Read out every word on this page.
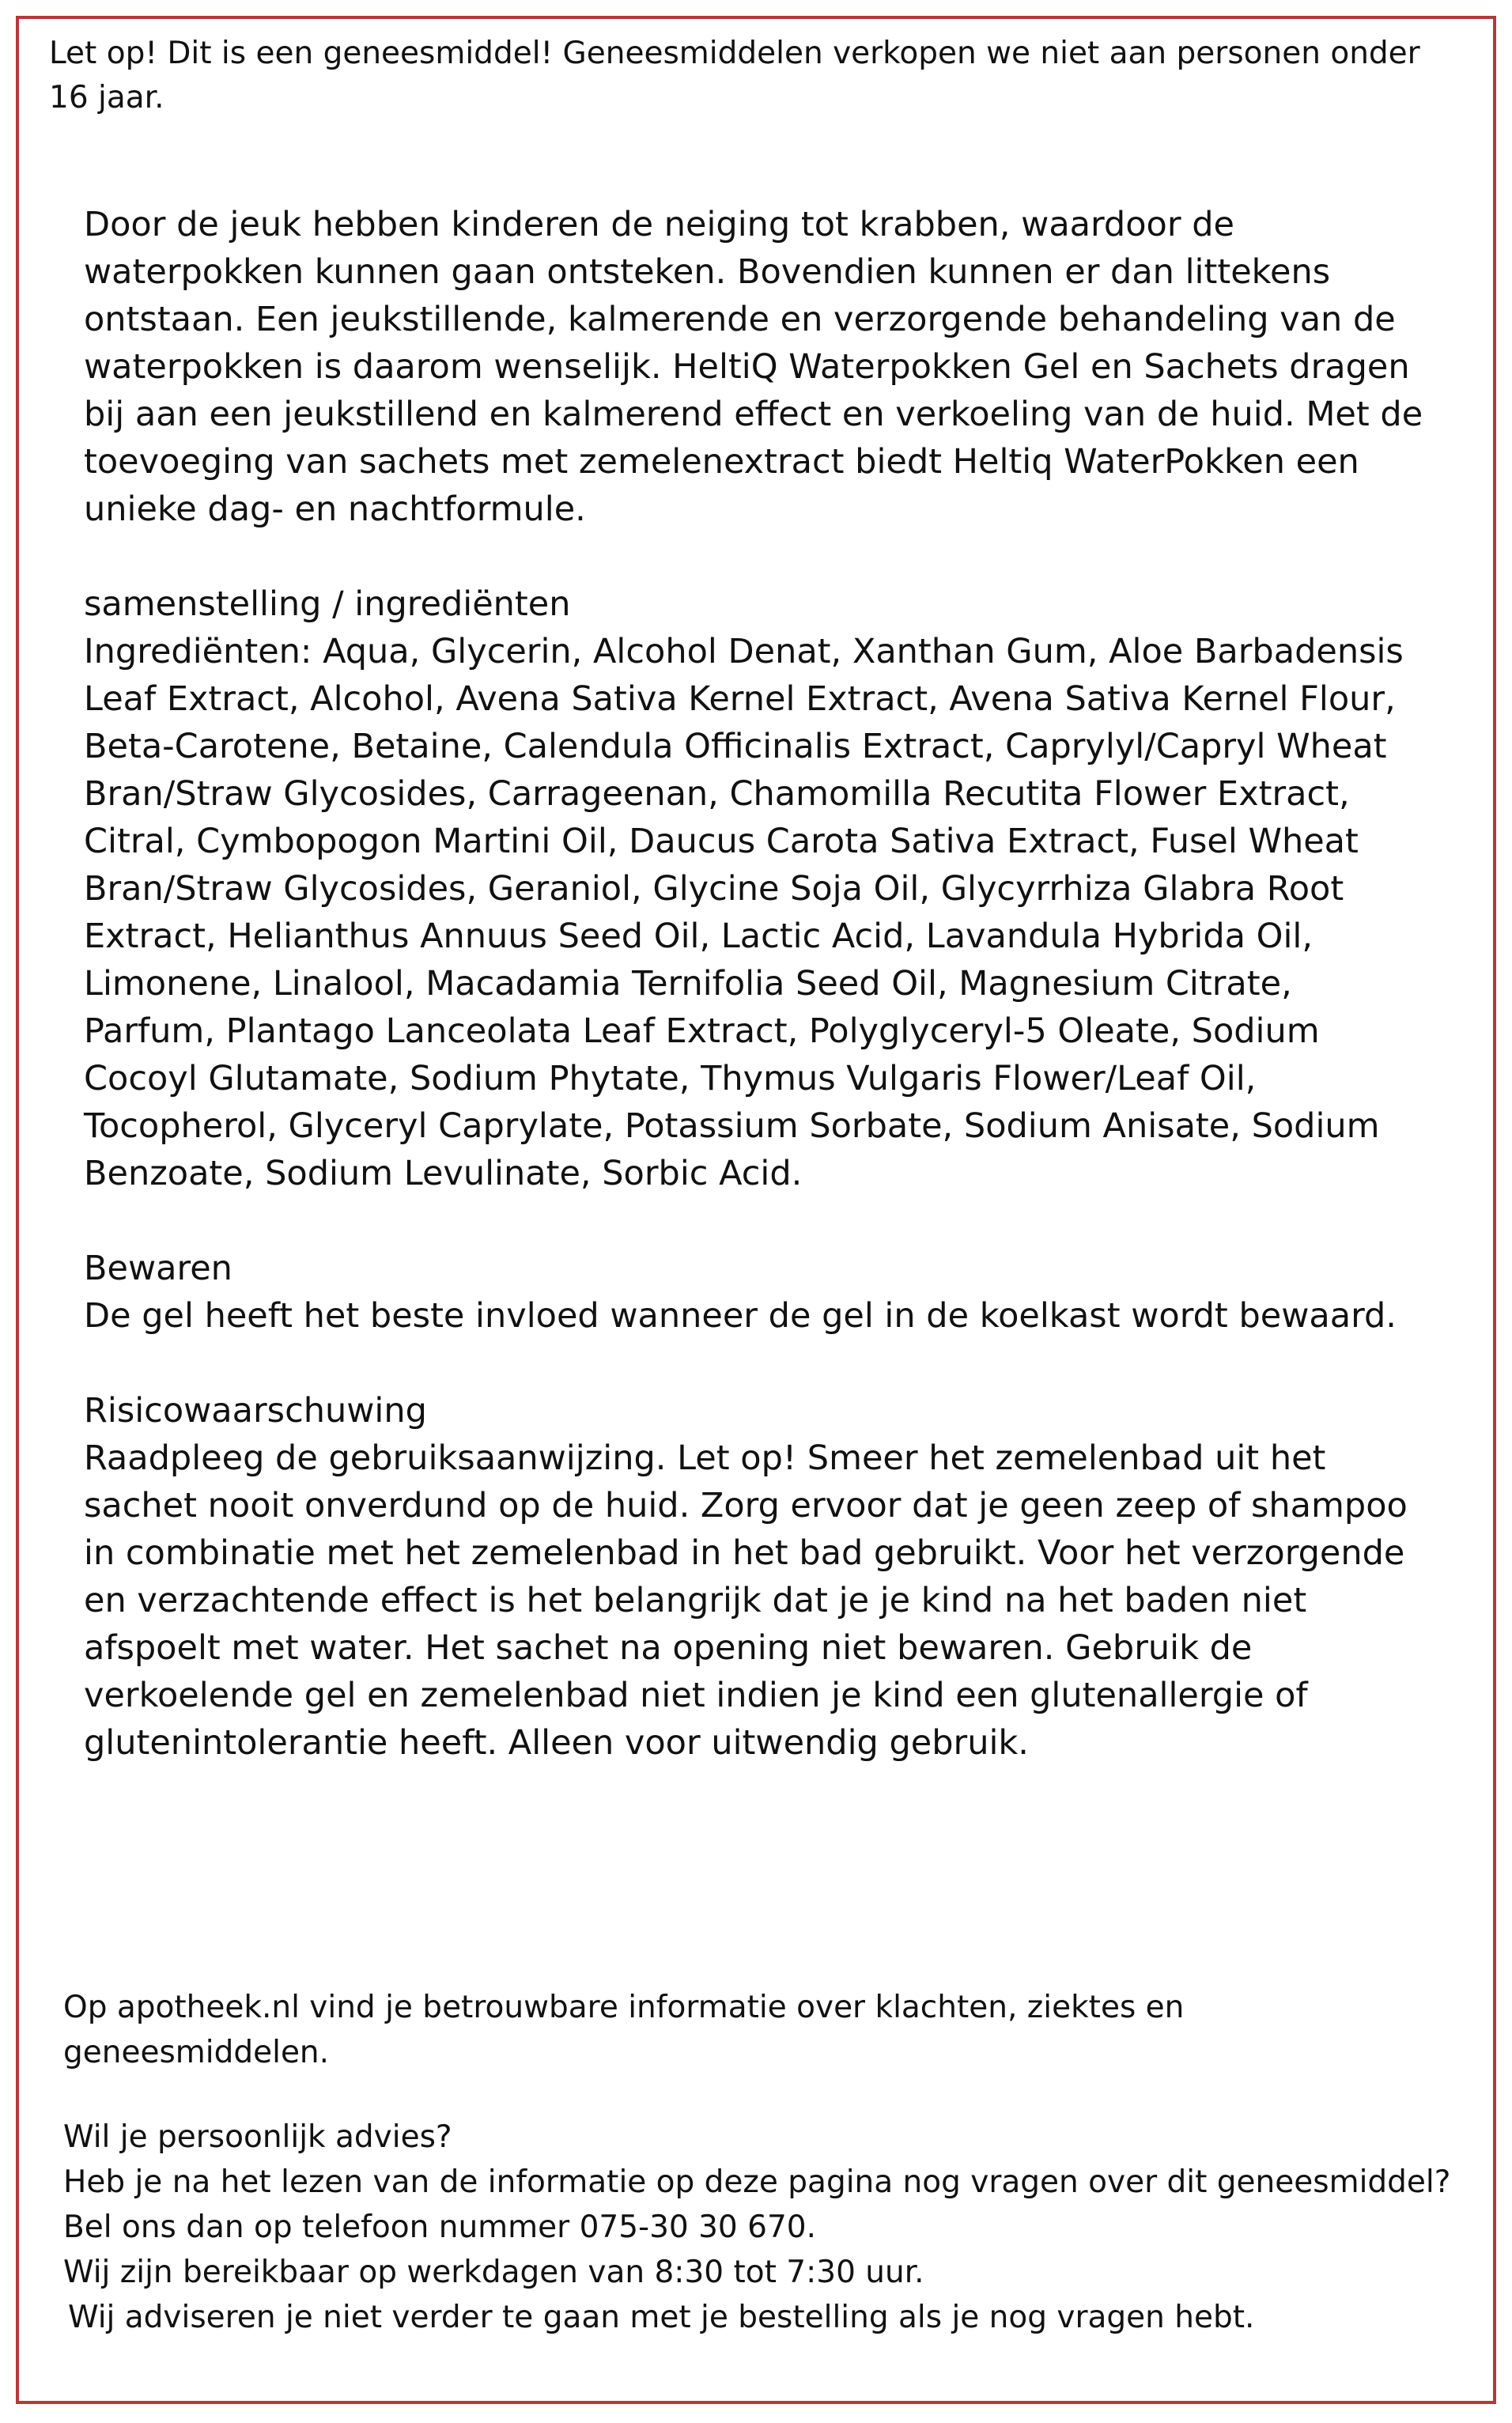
Let op! Dit is een geneesmiddel! Geneesmiddelen verkopen we niet aan personen onder 16 jaar.

Door de jeuk hebben kinderen de neiging tot krabben, waardoor de waterpokken kunnen gaan ontsteken. Bovendien kunnen er dan littekens ontstaan. Een jeukstillende, kalmerende en verzorgende behandeling van de waterpokken is daarom wenselijk. HeltiQ Waterpokken Gel en Sachets dragen bij aan een jeukstillend en kalmerend effect en verkoeling van de huid. Met de toevoeging van sachets met zemelenextract biedt Heltiq WaterPokken een unieke dag- en nachtformule.

samenstelling / ingrediënten

Ingrediënten: Aqua, Glycerin, Alcohol Denat, Xanthan Gum, Aloe Barbadensis Leaf Extract, Alcohol, Avena Sativa Kernel Extract, Avena Sativa Kernel Flour, Beta-Carotene, Betaine, Calendula Officinalis Extract, Caprylyl/Capryl Wheat Bran/Straw Glycosides, Carrageenan, Chamomilla Recutita Flower Extract, Citral, Cymbopogon Martini Oil, Daucus Carota Sativa Extract, Fusel Wheat Bran/Straw Glycosides, Geraniol, Glycine Soja Oil, Glycyrrhiza Glabra Root Extract, Helianthus Annuus Seed Oil, Lactic Acid, Lavandula Hybrida Oil, Limonene, Linalool, Macadamia Ternifolia Seed Oil, Magnesium Citrate, Parfum, Plantago Lanceolata Leaf Extract, Polyglyceryl-5 Oleate, Sodium Cocoyl Glutamate, Sodium Phytate, Thymus Vulgaris Flower/Leaf Oil, Tocopherol, Glyceryl Caprylate, Potassium Sorbate, Sodium Anisate, Sodium Benzoate, Sodium Levulinate, Sorbic Acid.

Bewaren

De gel heeft het beste invloed wanneer de gel in de koelkast wordt bewaard.

Risicowaarschuwing

Raadpleeg de gebruiksaanwijzing. Let op! Smeer het zemelenbad uit het sachet nooit onverdund op de huid. Zorg ervoor dat je geen zeep of shampoo in combinatie met het zemelenbad in het bad gebruikt. Voor het verzorgende en verzachtende effect is het belangrijk dat je je kind na het baden niet afspoelt met water. Het sachet na opening niet bewaren. Gebruik de verkoelende gel en zemelenbad niet indien je kind een glutenallergie of glutenintolerantie heeft. Alleen voor uitwendig gebruik.

Op apotheek.nl vind je betrouwbare informatie over klachten, ziektes en geneesmiddelen.

Wil je persoonlijk advies?

Heb je na het lezen van de informatie op deze pagina nog vragen over dit geneesmiddel? Bel ons dan op telefoon nummer 075-30 30 670.

Wij zijn bereikbaar op werkdagen van 8:30 tot 7:30 uur.

Wij adviseren je niet verder te gaan met je bestelling als je nog vragen hebt.
